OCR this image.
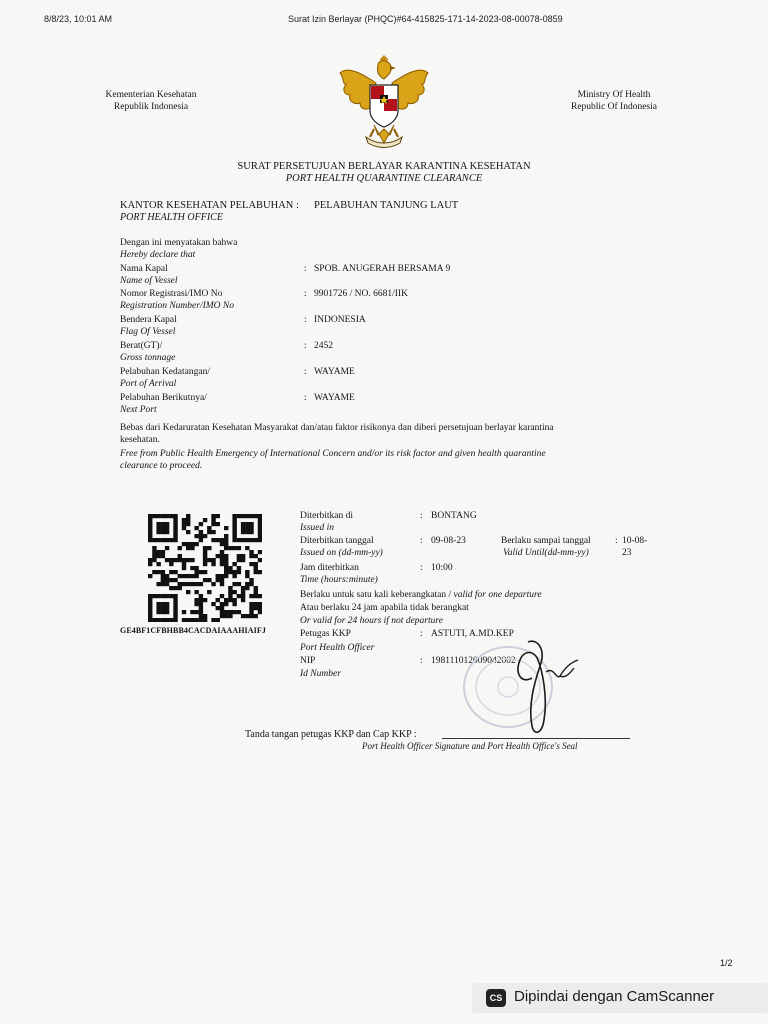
8/8/23, 10:01 AM	Surat Izin Berlayar (PHQC)#64-415825-171-14-2023-08-00078-0859
Kementerian Kesehatan
Republik Indonesia
Ministry Of Health
Republic Of Indonesia
SURAT PERSETUJUAN BERLAYAR KARANTINA KESEHATAN
PORT HEALTH QUARANTINE CLEARANCE
KANTOR KESEHATAN PELABUHAN : PELABUHAN TANJUNG LAUT
PORT HEALTH OFFICE
Dengan ini menyatakan bahwa
Hereby declare that
Nama Kapal
Name of Vessel
: SPOB. ANUGERAH BERSAMA 9
Nomor Registrasi/IMO No
Registration Number/IMO No
: 9901726 / NO. 6681/IIK
Bendera Kapal
Flag Of Vessel
: INDONESIA
Berat(GT)/
Gross tonnage
: 2452
Pelabuhan Kedatangan/
Port of Arrival
: WAYAME
Pelabuhan Berikutnya/
Next Port
: WAYAME
Bebas dari Kedaruratan Kesehatan Masyarakat dan/atau faktor risikonya dan diberi persetujuan berlayar karantina
kesehatan.
Free from Public Health Emergency of International Concern and/or its risk factor and given health quarantine
clearance to proceed.
GE4BF1CFBHBB4CACDAIAAAHIAIFJ
Diterbitkan di
Issued in
: BONTANG
Diterbitkan tanggal
Issued on (dd-mm-yy)
: 09-08-23	Berlaku sampai tanggal
Valid Until(dd-mm-yy)
: 10-08-
23
Jam diterbitkan
Time (hours:minute)
: 10:00
Berlaku untuk satu kali keberangkatan / valid for one departure
Atau berlaku 24 jam apabila tidak berangkat
Or valid for 24 hours if not departure
Petugas KKP
Port Health Officer
: ASTUTI, A.MD.KEP
NIP
Id Number
: 198111012009042002
Tanda tangan petugas KKP dan Cap KKP :
Port Health Officer Signature and Port Health Office's Seal
1/2
CS Dipindai dengan CamScanner
